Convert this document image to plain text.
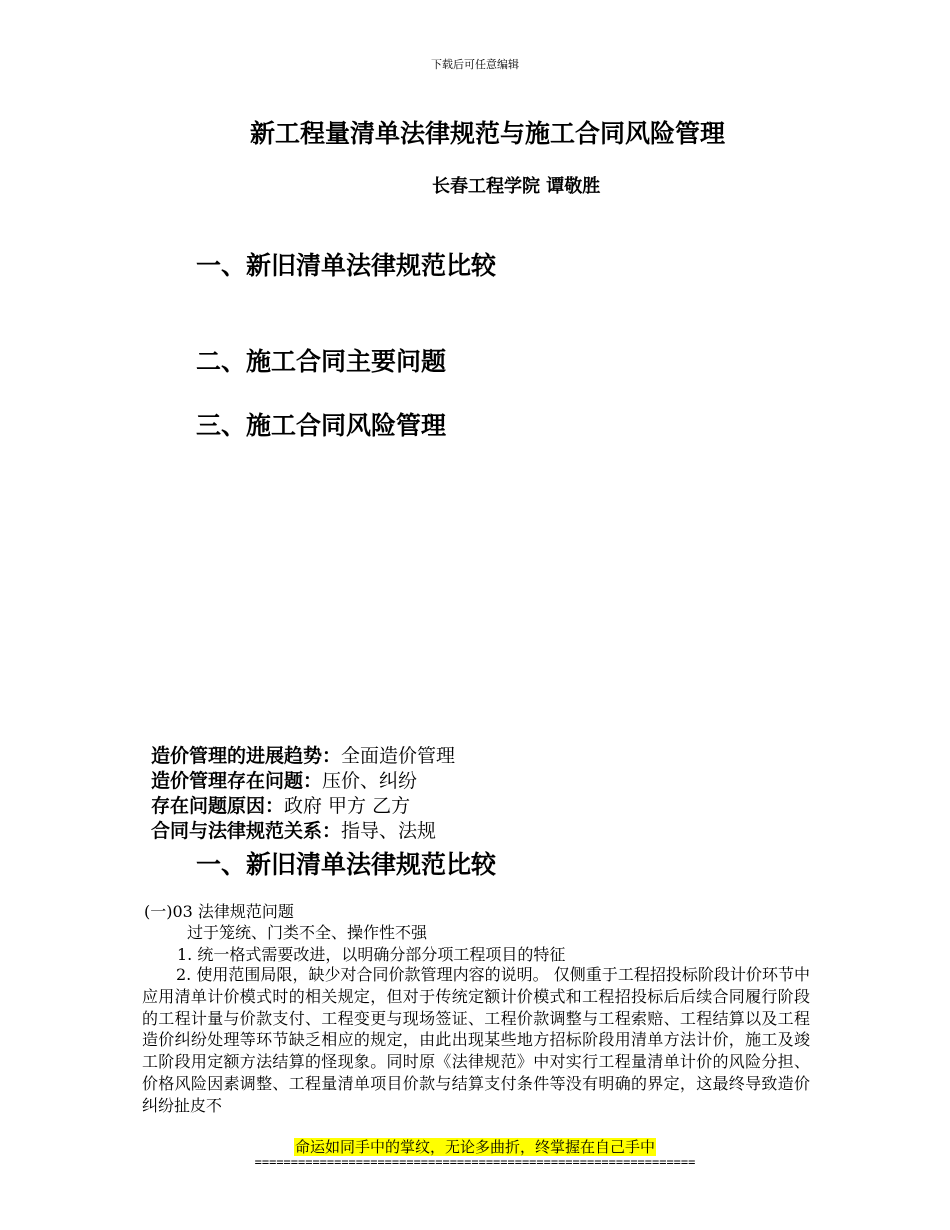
下载后可任意编辑
新工程量清单法律规范与施工合同风险管理
长春工程学院 谭敬胜
一、新旧清单法律规范比较
二、施工合同主要问题
三、施工合同风险管理
造价管理的进展趋势：全面造价管理
造价管理存在问题：压价、纠纷
存在问题原因：政府 甲方 乙方
合同与法律规范关系：指导、法规
一、新旧清单法律规范比较
(一)03 法律规范问题
过于笼统、门类不全、操作性不强
1. 统一格式需要改进，以明确分部分项工程项目的特征
2. 使用范围局限，缺少对合同价款管理内容的说明。 仅侧重于工程招投标阶段计价环节中应用清单计价模式时的相关规定，但对于传统定额计价模式和工程招投标后后续合同履行阶段的工程计量与价款支付、工程变更与现场签证、工程价款调整与工程索赔、工程结算以及工程造价纠纷处理等环节缺乏相应的规定，由此出现某些地方招标阶段用清单方法计价，施工及竣工阶段用定额方法结算的怪现象。同时原《法律规范》中对实行工程量清单计价的风险分担、价格风险因素调整、工程量清单项目价款与结算支付条件等没有明确的界定，这最终导致造价纠纷扯皮不
命运如同手中的掌纹，无论多曲折，终掌握在自己手中
=============================================================
